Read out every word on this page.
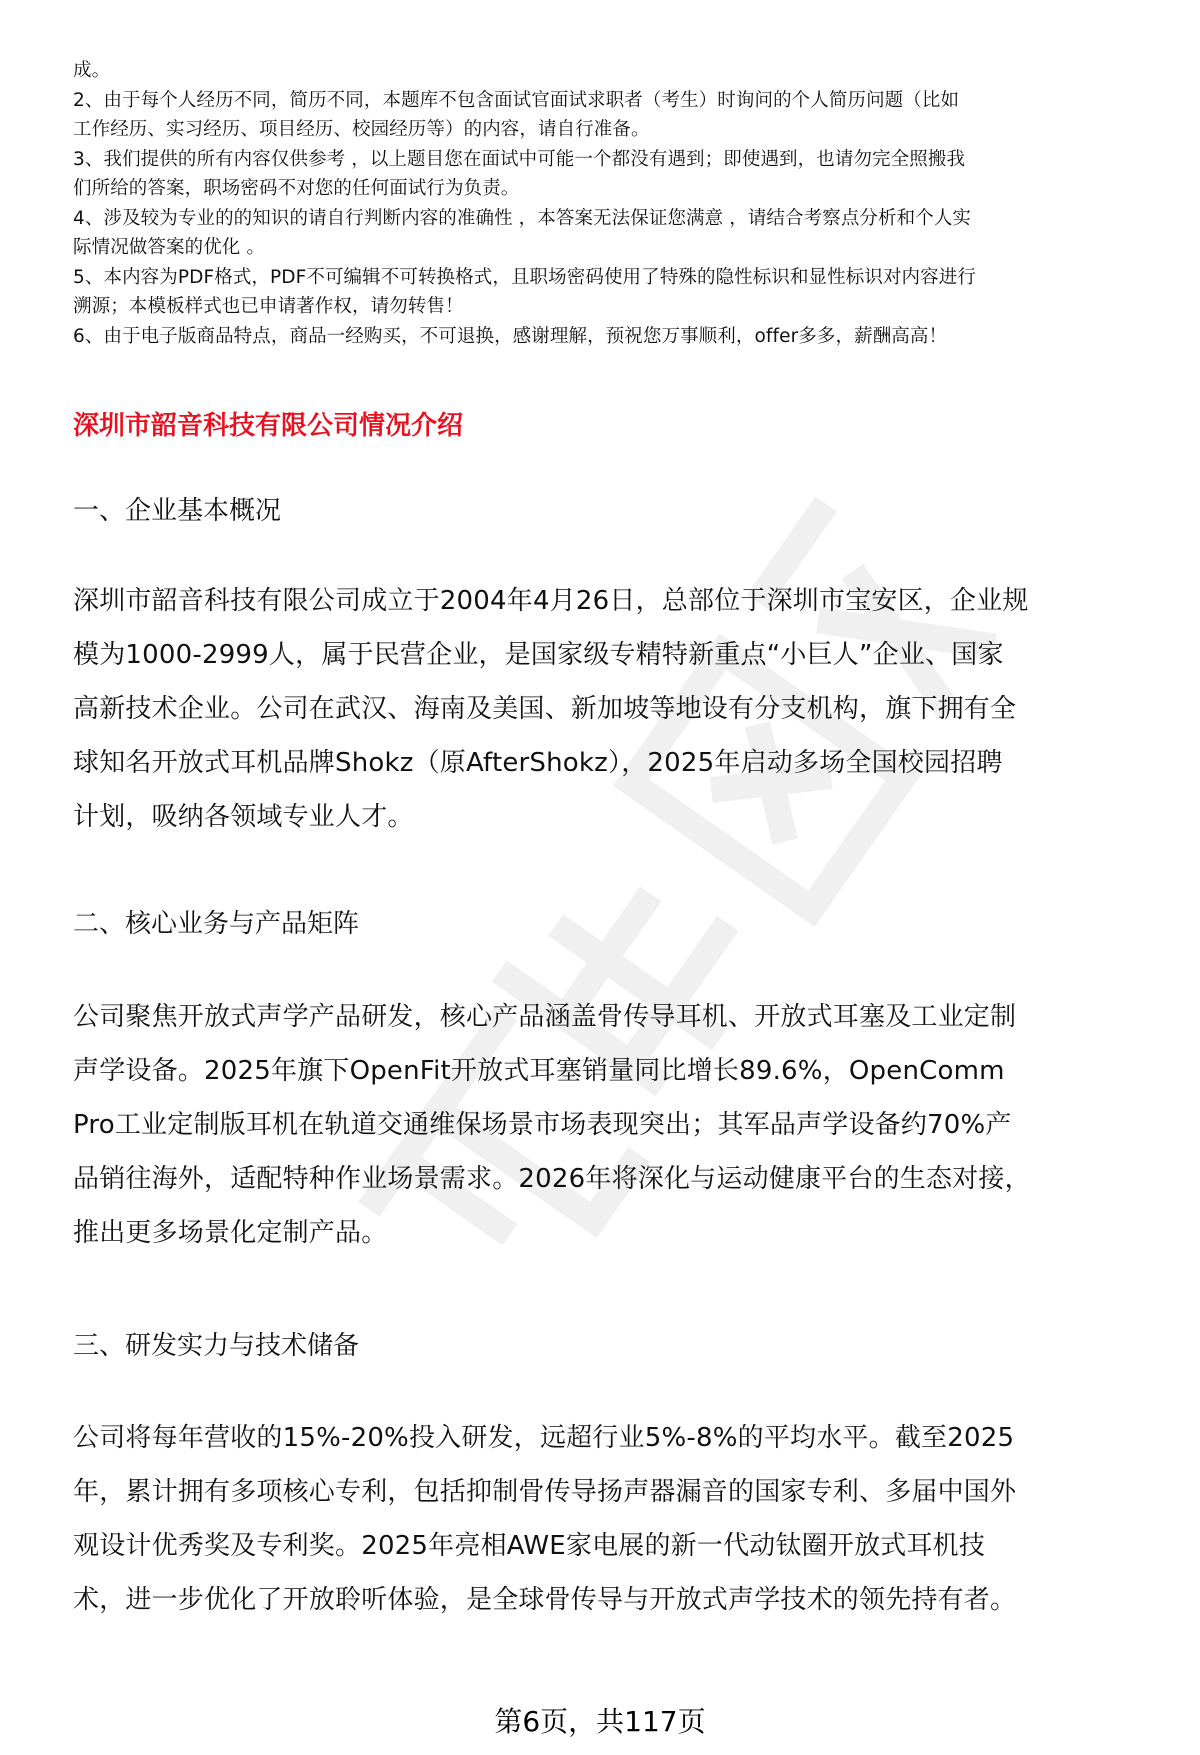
成。

2、由于每个人经历不同，简历不同，本题库不包含面试官面试求职者（考生）时询问的个人简历问题（比如

工作经历、实习经历、项目经历、校园经历等）的内容，请自行准备。

3、我们提供的所有内容仅供参考 ，以上题目您在面试中可能一个都没有遇到；即使遇到，也请勿完全照搬我

们所给的答案，职场密码不对您的任何面试行为负责。

4、涉及较为专业的的知识的请自行判断内容的准确性 ，本答案无法保证您满意 ，请结合考察点分析和个人实

际情况做答案的优化 。

5、本内容为PDF格式，PDF不可编辑不可转换格式，且职场密码使用了特殊的隐性标识和显性标识对内容进行

溯源；本模板样式也已申请著作权，请勿转售！

6、由于电子版商品特点，商品一经购买，不可退换，感谢理解，预祝您万事顺利，offer多多，薪酬高高！

深圳市韶音科技有限公司情况介绍
一、企业基本概况
深圳市韶音科技有限公司成立于2004年4月26日，总部位于深圳市宝安区，企业规
模为1000-2999人，属于民营企业，是国家级专精特新重点“小巨人”企业、国家
高新技术企业。公司在武汉、海南及美国、新加坡等地设有分支机构，旗下拥有全
球知名开放式耳机品牌Shokz（原AfterShokz），2025年启动多场全国校园招聘
计划，吸纳各领域专业人才。
二、核心业务与产品矩阵
公司聚焦开放式声学产品研发，核心产品涵盖骨传导耳机、开放式耳塞及工业定制
声学设备。2025年旗下OpenFit开放式耳塞销量同比增长89.6%，OpenComm
Pro工业定制版耳机在轨道交通维保场景市场表现突出；其军品声学设备约70%产
品销往海外，适配特种作业场景需求。2026年将深化与运动健康平台的生态对接，
推出更多场景化定制产品。
三、研发实力与技术储备
公司将每年营收的15%-20%投入研发，远超行业5%-8%的平均水平。截至2025
年，累计拥有多项核心专利，包括抑制骨传导扬声器漏音的国家专利、多届中国外
观设计优秀奖及专利奖。2025年亮相AWE家电展的新一代动钛圈开放式耳机技
术，进一步优化了开放聆听体验，是全球骨传导与开放式声学技术的领先持有者。
第6页，共117页
